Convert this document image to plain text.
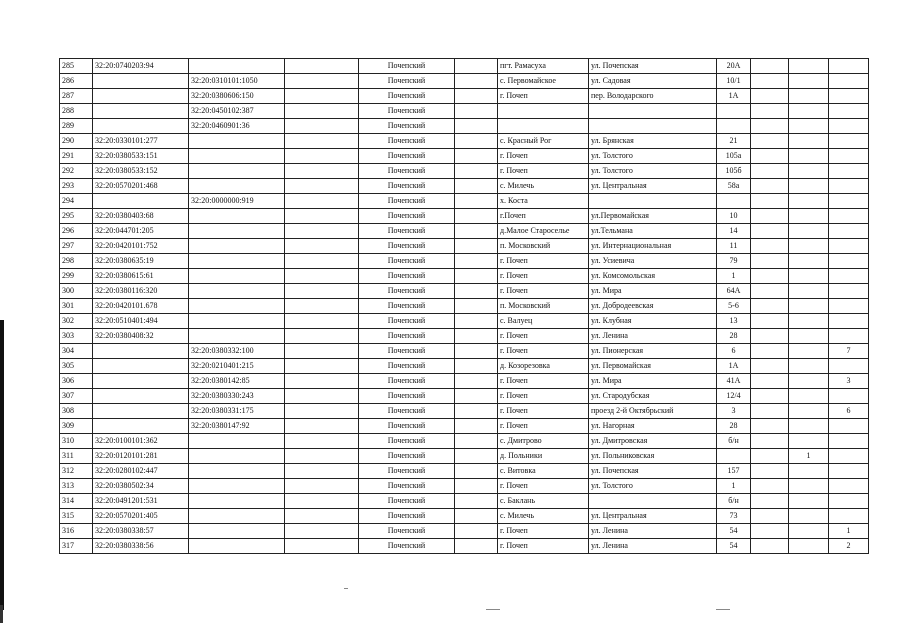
285	32:20:0740203:94			Почепский		пгт. Рамасуха	ул. Почепская	20А			
286		32:20:0310101:1050		Почепский		с. Первомайское	ул. Садовая	10/1			
287		32:20:0380606:150		Почепский		г. Почеп	пер. Володарского	1А			
288		32:20:0450102:387		Почепский							
289		32:20:0460901:36		Почепский							
290	32:20:0330101:277			Почепский		с. Красный Рог	ул. Брянская	21			
291	32:20:0380533:151			Почепский		г. Почеп	ул. Толстого	105а			
292	32:20:0380533:152			Почепский		г. Почеп	ул. Толстого	105б			
293	32:20:0570201:468			Почепский		с. Милечь	ул. Центральная	58а			
294		32:20:0000000:919		Почепский		х. Коста					
295	32:20:0380403:68			Почепский		г.Почеп	ул.Первомайская	10			
296	32:20:044701:205			Почепский		д.Малое Староселье	ул.Тельмана	14			
297	32:20:0420101:752			Почепский		п. Московский	ул. Интернациональная	11			
298	32:20:0380635:19			Почепский		г. Почеп	ул. Усиевича	79			
299	32:20:0380615:61			Почепский		г. Почеп	ул. Комсомольская	1			
300	32:20:0380116:320			Почепский		г. Почеп	ул. Мира	64А			
301	32:20:0420101.678			Почепский		п. Московский	ул. Добродеевская	5-6			
302	32:20:0510401:494			Почепский		с. Валуец	ул. Клубная	13			
303	32:20:0380408:32			Почепский		г. Почеп	ул. Ленина	28			
304		32:20:0380332:100		Почепский		г. Почеп	ул. Пионерская	6			7
305		32:20:0210401:215		Почепский		д. Козорезовка	ул. Первомайская	1А			
306		32:20:0380142:85		Почепский		г. Почеп	ул. Мира	41А			3
307		32:20:0380330:243		Почепский		г. Почеп	ул. Стародубская	12/4			
308		32:20:0380331:175		Почепский		г. Почеп	проезд 2-й Октябрьский	3			6
309		32:20:0380147:92		Почепский		г. Почеп	ул. Нагорная	28			
310	32:20:0100101:362			Почепский		с. Дмитрово	ул. Дмитровская	б/н			
311	32:20:0120101:281			Почепский		д. Польники	ул. Польниковская			1	
312	32:20:0280102:447			Почепский		с. Витовка	ул. Почепская	157			
313	32:20:0380502:34			Почепский		г. Почеп	ул. Толстого	1			
314	32:20:0491201:531			Почепский		с. Баклань		б/н			
315	32:20:0570201:405			Почепский		с. Милечь	ул. Центральная	73			
316	32:20:0380338:57			Почепский		г. Почеп	ул. Ленина	54			1
317	32:20:0380338:56			Почепский		г. Почеп	ул. Ленина	54			2
